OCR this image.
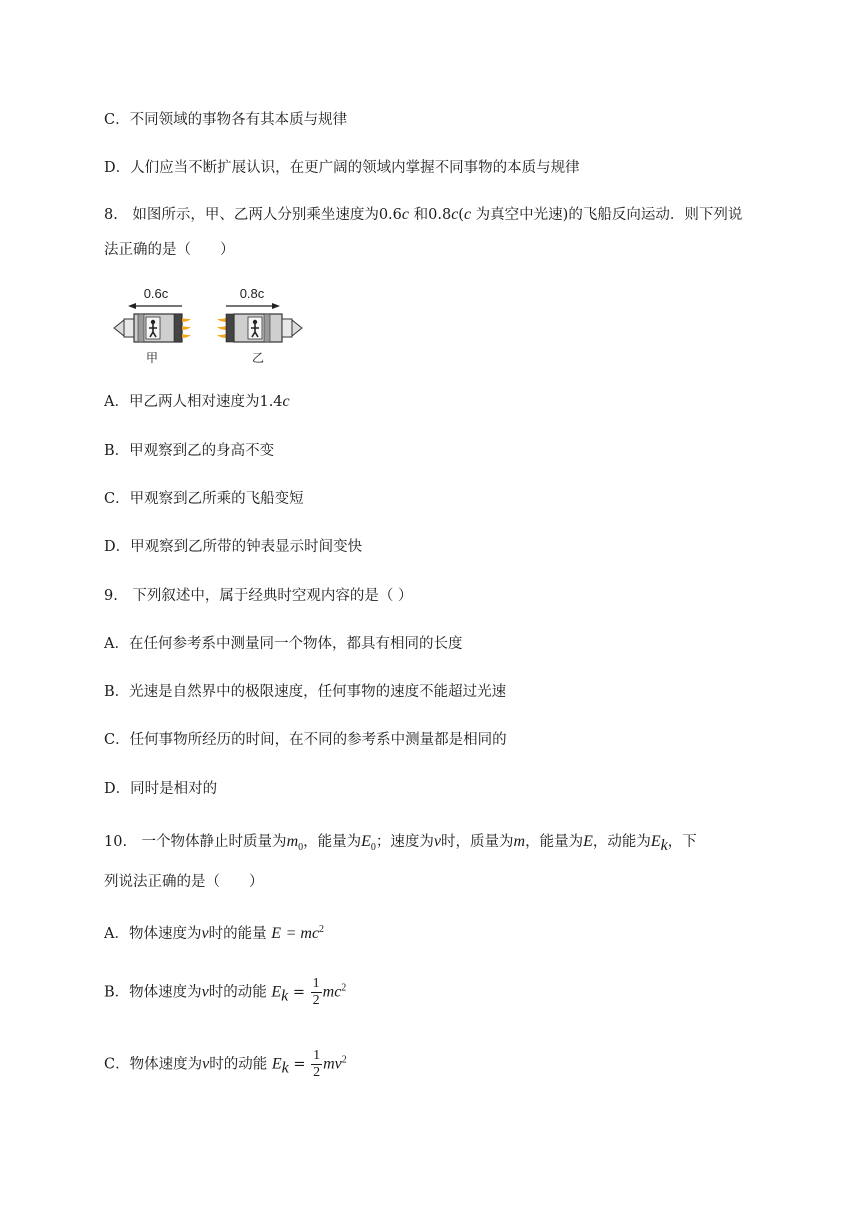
C．不同领域的事物各有其本质与规律
D．人们应当不断扩展认识，在更广阔的领域内掌握不同事物的本质与规律
8.　如图所示，甲、乙两人分别乘坐速度为0.6c 和0.8c(c 为真空中光速)的飞船反向运动．则下列说
法正确的是（　　）
0.6c	0.8c
甲	乙
A．甲乙两人相对速度为1.4c
B．甲观察到乙的身高不变
C．甲观察到乙所乘的飞船变短
D．甲观察到乙所带的钟表显示时间变快
9.　下列叙述中，属于经典时空观内容的是（ ）
A．在任何参考系中测量同一个物体，都具有相同的长度
B．光速是自然界中的极限速度，任何事物的速度不能超过光速
C．任何事物所经历的时间，在不同的参考系中测量都是相同的
D．同时是相对的
10.　一个物体静止时质量为$m_0$，能量为$E_0$；速度为v时，质量为m，能量为E，动能为$E_k$，下
列说法正确的是（　　）
A．物体速度为v时的能量 $E = mc^2$
B．物体速度为v时的动能 $E_k = \frac{1}{2} mc^2$
C．物体速度为v时的动能 $E_k = \frac{1}{2} mv^2$
